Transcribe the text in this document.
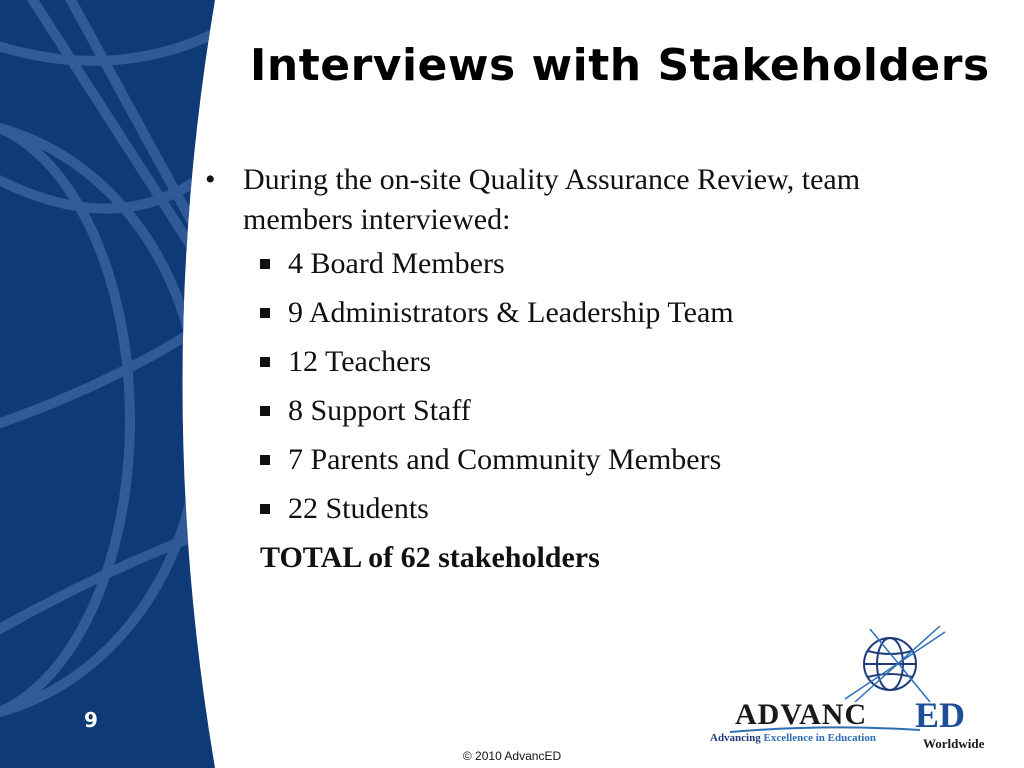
Interviews with Stakeholders
• During the on-site Quality Assurance Review, team members interviewed:
4 Board Members
9 Administrators & Leadership Team
12 Teachers
8 Support Staff
7 Parents and Community Members
22 Students
TOTAL of 62 stakeholders
9
© 2010 AdvancED
ADVANC ED
Advancing Excellence in Education	Worldwide
